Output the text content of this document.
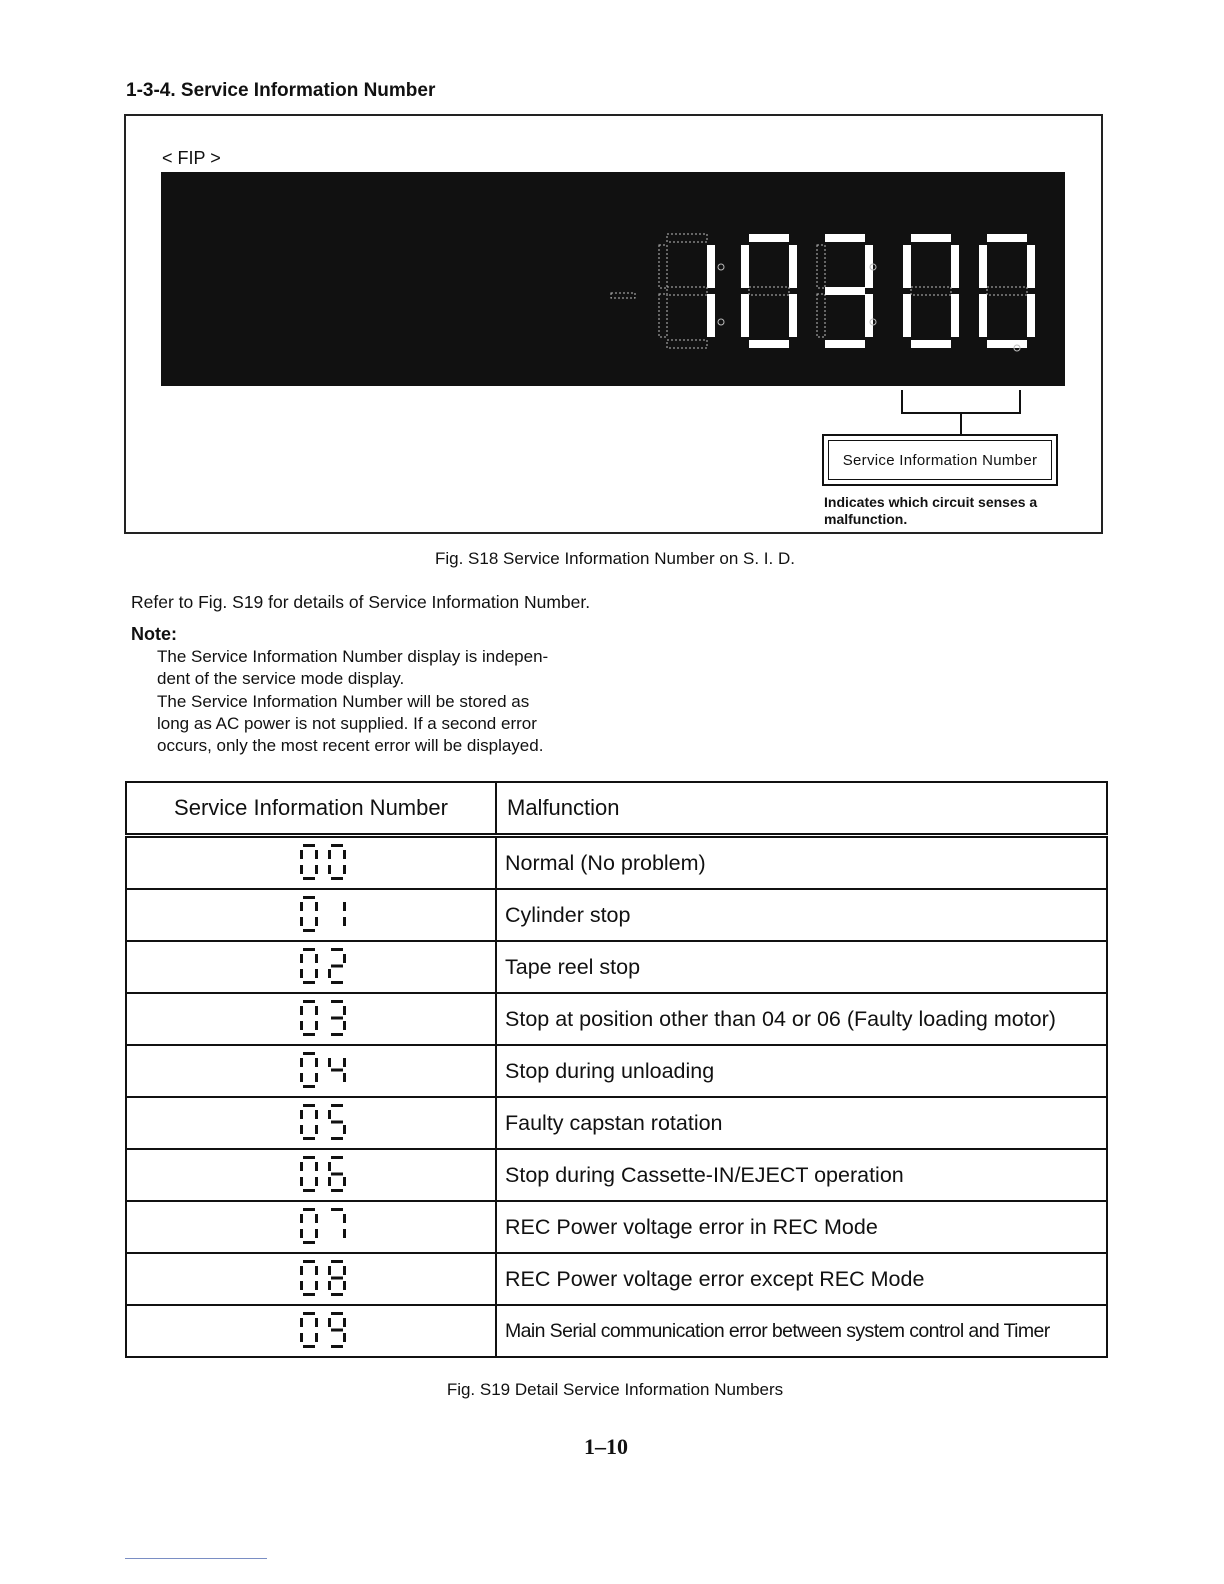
1-3-4. Service Information Number
< FIP >
Service Information Number
Indicates which circuit senses a malfunction.
Fig. S18 Service Information Number on S. I. D.
Refer to Fig. S19 for details of Service Information Number.
Note:

The Service Information Number display is indepen-

dent of the service mode display.

The Service Information Number will be stored as

long as AC power is not supplied. If a second error

occurs, only the most recent error will be displayed.

Service Information Number	Malfunction
	Normal (No problem)
	Cylinder stop
	Tape reel stop
	Stop at position other than 04 or 06 (Faulty loading motor)
	Stop during unloading
	Faulty capstan rotation
	Stop during Cassette-IN/EJECT operation
	REC Power voltage error in REC Mode
	REC Power voltage error except REC Mode
	Main Serial communication error between system control and Timer
Fig. S19 Detail Service Information Numbers
1–10
